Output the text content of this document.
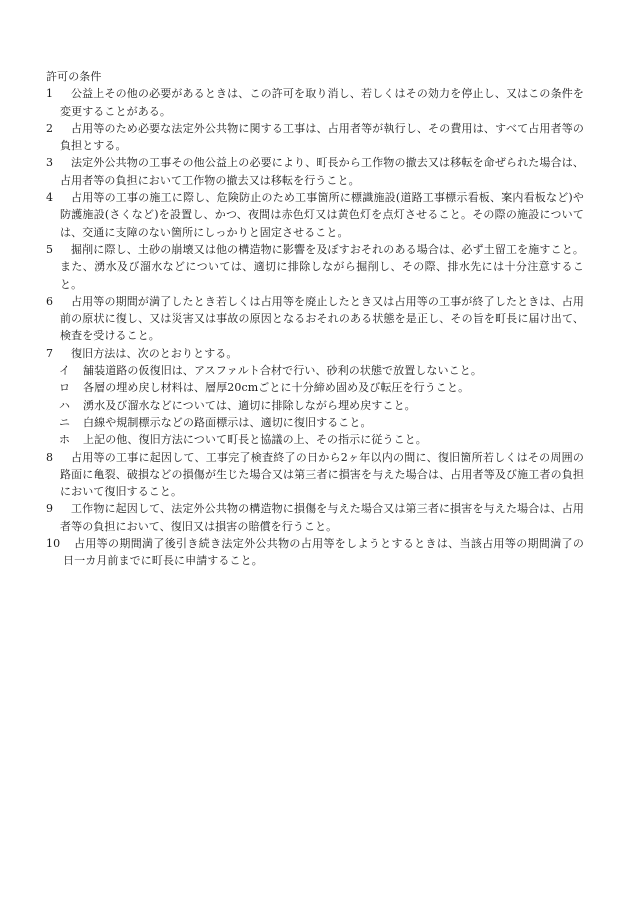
許可の条件
1	公益上その他の必要があるときは、この許可を取り消し、若しくはその効力を停止し、又はこの条件を変更することがある。
2	占用等のため必要な法定外公共物に関する工事は、占用者等が執行し、その費用は、すべて占用者等の負担とする。
3	法定外公共物の工事その他公益上の必要により、町長から工作物の撤去又は移転を命ぜられた場合は、占用者等の負担において工作物の撤去又は移転を行うこと。
4	占用等の工事の施工に際し、危険防止のため工事箇所に標識施設(道路工事標示看板、案内看板など)や防護施設(さくなど)を設置し、かつ、夜間は赤色灯又は黄色灯を点灯させること。その際の施設については、交通に支障のない箇所にしっかりと固定させること。
5	掘削に際し、土砂の崩壊又は他の構造物に影響を及ぼすおそれのある場合は、必ず土留工を施すこと。また、湧水及び溜水などについては、適切に排除しながら掘削し、その際、排水先には十分注意すること。
6	占用等の期間が満了したとき若しくは占用等を廃止したとき又は占用等の工事が終了したときは、占用前の原状に復し、又は災害又は事故の原因となるおそれのある状態を是正し、その旨を町長に届け出て、検査を受けること。
7	復旧方法は、次のとおりとする。
イ	舗装道路の仮復旧は、アスファルト合材で行い、砂利の状態で放置しないこと。
ロ	各層の埋め戻し材料は、層厚20cmごとに十分締め固め及び転圧を行うこと。
ハ	湧水及び溜水などについては、適切に排除しながら埋め戻すこと。
ニ	白線や規制標示などの路面標示は、適切に復旧すること。
ホ	上記の他、復旧方法について町長と協議の上、その指示に従うこと。
8	占用等の工事に起因して、工事完了検査終了の日から2ヶ年以内の間に、復旧箇所若しくはその周囲の路面に亀裂、破損などの損傷が生じた場合又は第三者に損害を与えた場合は、占用者等及び施工者の負担において復旧すること。
9	工作物に起因して、法定外公共物の構造物に損傷を与えた場合又は第三者に損害を与えた場合は、占用者等の負担において、復旧又は損害の賠償を行うこと。
10	占用等の期間満了後引き続き法定外公共物の占用等をしようとするときは、当該占用等の期間満了の日一カ月前までに町長に申請すること。
